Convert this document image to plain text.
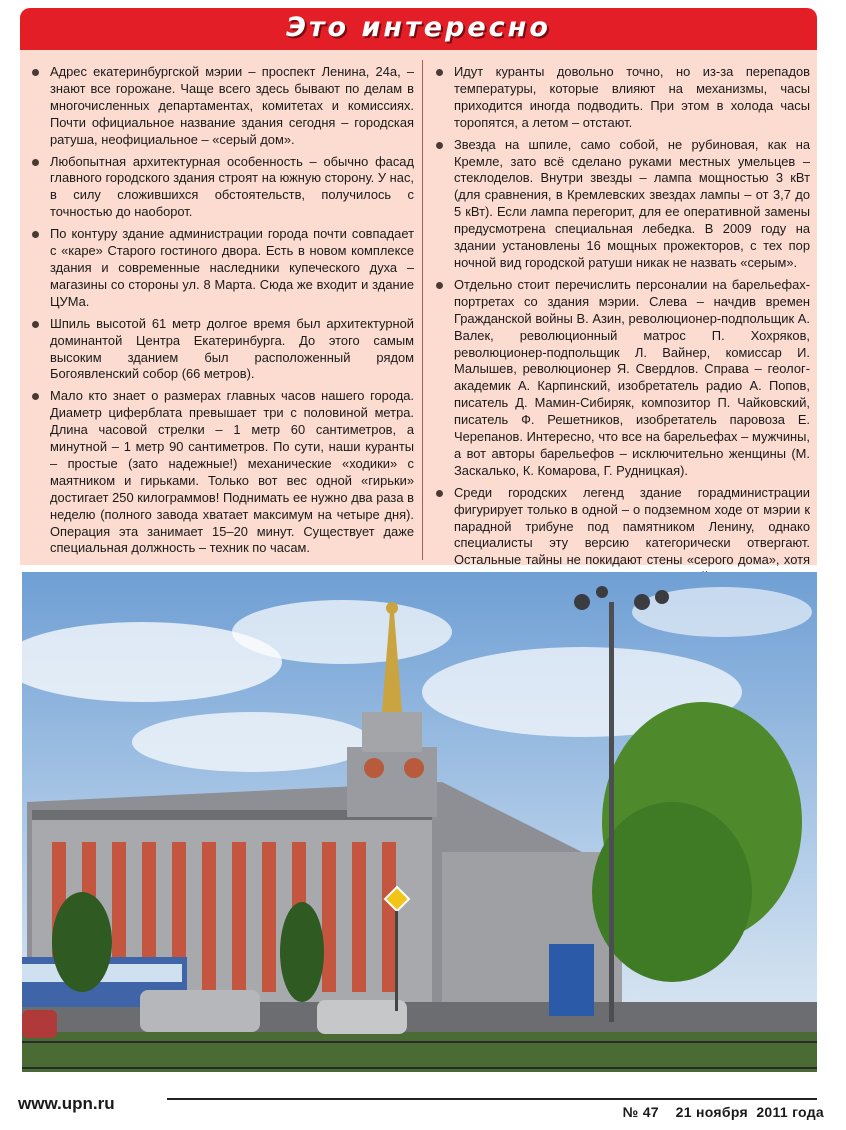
Это интересно
Адрес екатеринбургской мэрии – проспект Ленина, 24а, – знают все горожане. Чаще всего здесь бывают по делам в многочисленных департаментах, комитетах и комиссиях. Почти официальное название здания сегодня – городская ратуша, неофициальное – «серый дом».
Любопытная архитектурная особенность – обычно фасад главного городского здания строят на южную сторону. У нас, в силу сложившихся обстоятельств, получилось с точностью до наоборот.
По контуру здание администрации города почти совпадает с «каре» Старого гостиного двора. Есть в новом комплексе здания и современные наследники купеческого духа – магазины со стороны ул. 8 Марта. Сюда же входит и здание ЦУМа.
Шпиль высотой 61 метр долгое время был архитектурной доминантой Центра Екатеринбурга. До этого самым высоким зданием был расположенный рядом Богоявленский собор (66 метров).
Мало кто знает о размерах главных часов нашего города. Диаметр циферблата превышает три с половиной метра. Длина часовой стрелки – 1 метр 60 сантиметров, а минутной – 1 метр 90 сантиметров. По сути, наши куранты – простые (зато надежные!) механические «ходики» с маятником и гирьками. Только вот вес одной «гирьки» достигает 250 килограммов! Поднимать ее нужно два раза в неделю (полного завода хватает максимум на четыре дня). Операция эта занимает 15–20 минут. Существует даже специальная должность – техник по часам.
Идут куранты довольно точно, но из-за перепадов температуры, которые влияют на механизмы, часы приходится иногда подводить. При этом в холода часы торопятся, а летом – отстают.
Звезда на шпиле, само собой, не рубиновая, как на Кремле, зато всё сделано руками местных умельцев – стеклоделов. Внутри звезды – лампа мощностью 3 кВт (для сравнения, в Кремлевских звездах лампы – от 3,7 до 5 кВт). Если лампа перегорит, для ее оперативной замены предусмотрена специальная лебедка. В 2009 году на здании установлены 16 мощных прожекторов, с тех пор ночной вид городской ратуши никак не назвать «серым».
Отдельно стоит перечислить персоналии на барельефах-портретах со здания мэрии. Слева – начдив времен Гражданской войны В. Азин, революционер-подпольщик А. Валек, революционный матрос П. Хохряков, революционер-подпольщик Л. Вайнер, комиссар И. Малышев, революционер Я. Свердлов. Справа – геолог-академик А. Карпинский, изобретатель радио А. Попов, писатель Д. Мамин-Сибиряк, композитор П. Чайковский, писатель Ф. Решетников, изобретатель паровоза Е. Черепанов. Интересно, что все на барельефах – мужчины, а вот авторы барельефов – исключительно женщины (М. Заскалько, К. Комарова, Г. Рудницкая).
Среди городских легенд здание горадминистрации фигурирует только в одной – о подземном ходе от мэрии к парадной трибуне под памятником Ленину, однако специалисты эту версию категорически отвергают. Остальные тайны не покидают стены «серого дома», хотя
www.upn.ru	№ 47    21 ноября  2011 года
